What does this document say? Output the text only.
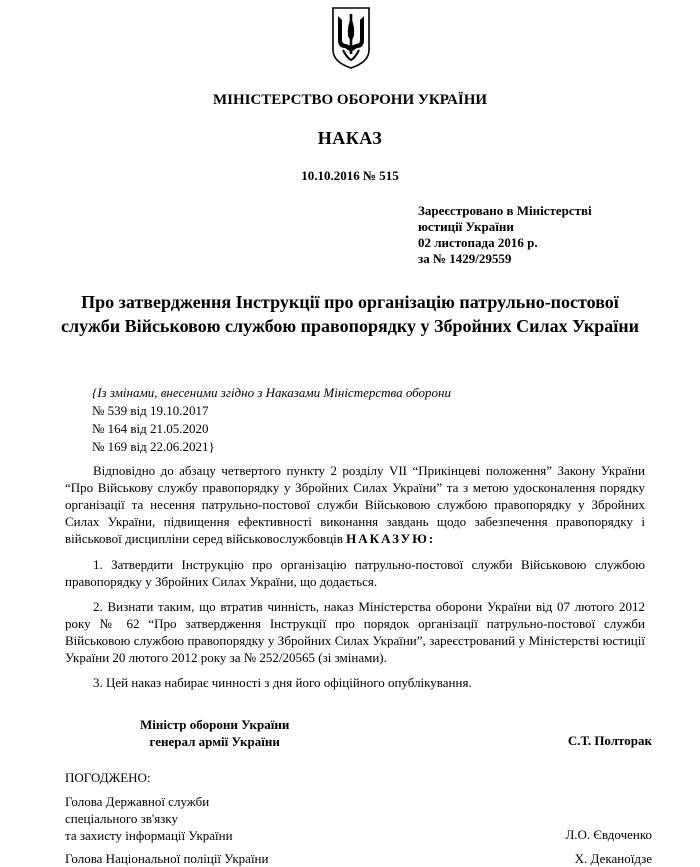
МІНІСТЕРСТВО ОБОРОНИ УКРАЇНИ
НАКАЗ
10.10.2016 № 515
Зареєстровано в Міністерстві
юстиції України
02 листопада 2016 р.
за № 1429/29559
Про затвердження Інструкції про організацію патрульно-постової служби Військовою службою правопорядку у Збройних Силах України
{Із змінами, внесеними згідно з Наказами Міністерства оборони
№ 539 від 19.10.2017
№ 164 від 21.05.2020
№ 169 від 22.06.2021}

Відповідно до абзацу четвертого пункту 2 розділу VII “Прикінцеві положення” Закону України “Про Військову службу правопорядку у Збройних Силах України” та з метою удосконалення порядку організації та несення патрульно-постової служби Військовою службою правопорядку у Збройних Силах України, підвищення ефективності виконання завдань щодо забезпечення правопорядку і військової дисципліни серед військовослужбовців НАКАЗУЮ:

1. Затвердити Інструкцію про організацію патрульно-постової служби Військовою службою правопорядку у Збройних Силах України, що додається.

2. Визнати таким, що втратив чинність, наказ Міністерства оборони України від 07 лютого 2012 року № 62 “Про затвердження Інструкції про порядок організації патрульно-постової служби Військовою службою правопорядку у Збройних Силах України”, зареєстрований у Міністерстві юстиції України 20 лютого 2012 року за № 252/20565 (зі змінами).

3. Цей наказ набирає чинності з дня його офіційного опублікування.

Міністр оборони України
генерал армії України	С.Т. Полторак
ПОГОДЖЕНО:
Голова Державної служби
спеціального зв'язку
та захисту інформації України	Л.О. Євдоченко
Голова Національної поліції України	Х. Деканоїдзе
